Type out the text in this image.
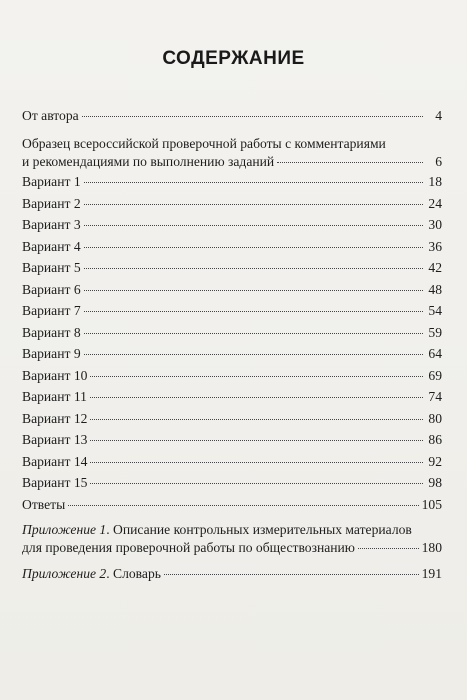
СОДЕРЖАНИЕ
От автора	4
Образец всероссийской проверочной работы с комментариями
и рекомендациями по выполнению заданий	6
Вариант 1	18
Вариант 2	24
Вариант 3	30
Вариант 4	36
Вариант 5	42
Вариант 6	48
Вариант 7	54
Вариант 8	59
Вариант 9	64
Вариант 10	69
Вариант 11	74
Вариант 12	80
Вариант 13	86
Вариант 14	92
Вариант 15	98
Ответы	105
Приложение 1. Описание контрольных измерительных материалов
для проведения проверочной работы по обществознанию	180
Приложение 2. Словарь	191
